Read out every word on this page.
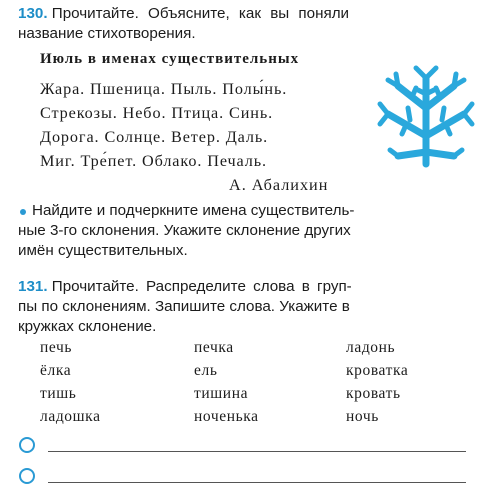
130. Прочитайте. Объясните, как вы поняли
название стихотворения.
Июль в именах существительных
Жара. Пшеница. Пыль. Полы́нь.
Стрекозы. Небо. Птица. Синь.
Дорога. Солнце. Ветер. Даль.
Миг. Тре́пет. Облако. Печаль.
А. Абалихин
Найдите и подчеркните имена существитель-
ные 3-го склонения. Укажите склонение других
имён существительных.
131. Прочитайте. Распределите слова в груп-
пы по склонениям. Запишите слова. Укажите в
кружках склонение.
печь	печка	ладонь
ёлка	ель	кроватка
тишь	тишина	кровать
ладошка	ноченька	ночь
